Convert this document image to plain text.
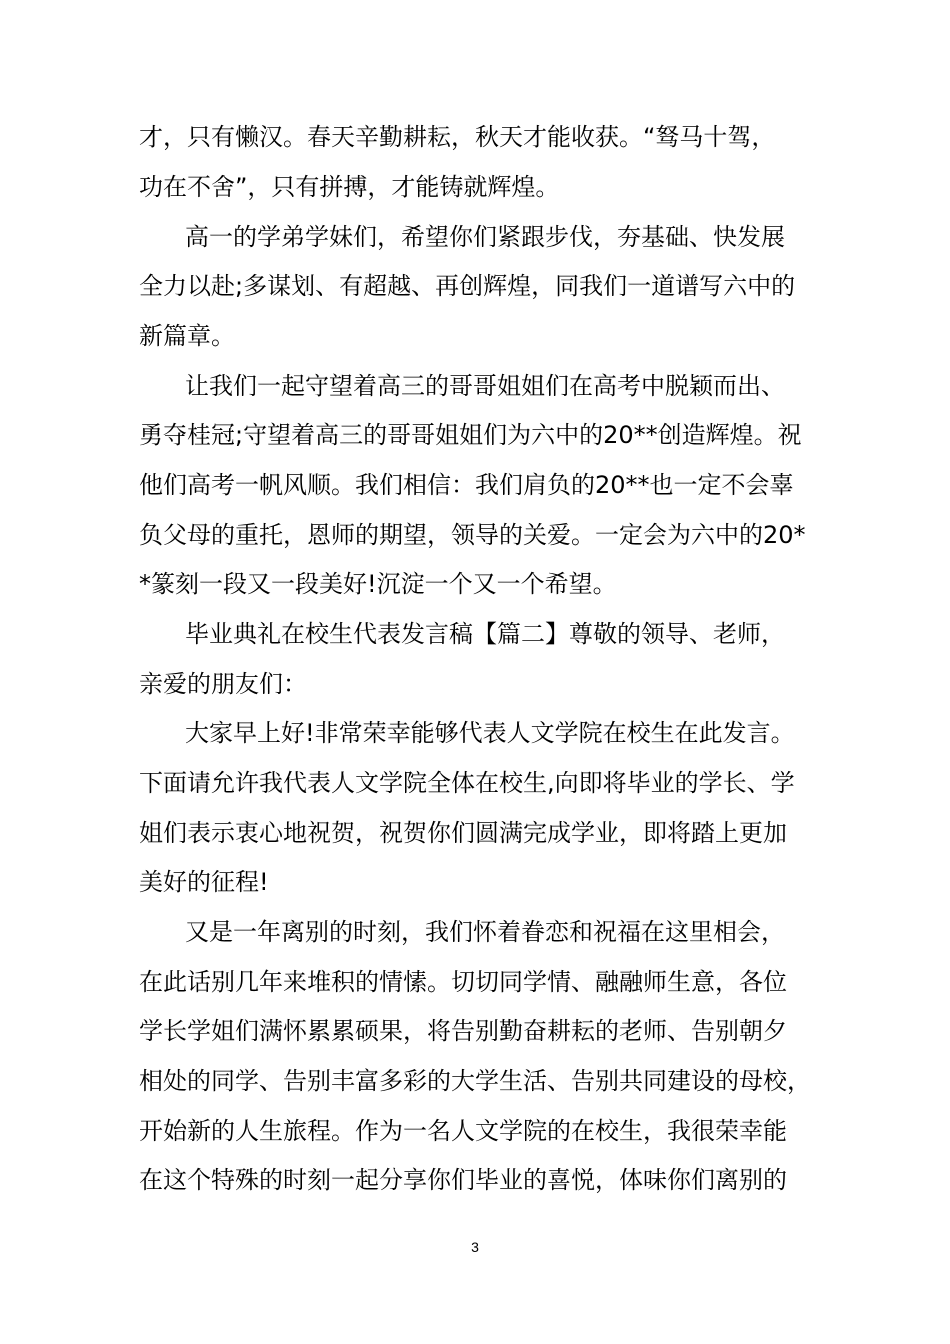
才，只有懒汉。春天辛勤耕耘，秋天才能收获。“驽马十驾，
功在不舍”，只有拼搏，才能铸就辉煌。
高一的学弟学妹们，希望你们紧跟步伐，夯基础、快发展
全力以赴;多谋划、有超越、再创辉煌，同我们一道谱写六中的
新篇章。
让我们一起守望着高三的哥哥姐姐们在高考中脱颖而出、
勇夺桂冠;守望着高三的哥哥姐姐们为六中的20**创造辉煌。祝
他们高考一帆风顺。我们相信：我们肩负的20**也一定不会辜
负父母的重托，恩师的期望，领导的关爱。一定会为六中的20*
*篆刻一段又一段美好!沉淀一个又一个希望。
毕业典礼在校生代表发言稿【篇二】尊敬的领导、老师，
亲爱的朋友们：
大家早上好!非常荣幸能够代表人文学院在校生在此发言。
下面请允许我代表人文学院全体在校生,向即将毕业的学长、学
姐们表示衷心地祝贺，祝贺你们圆满完成学业，即将踏上更加
美好的征程!
又是一年离别的时刻，我们怀着眷恋和祝福在这里相会，
在此话别几年来堆积的情愫。切切同学情、融融师生意，各位
学长学姐们满怀累累硕果，将告别勤奋耕耘的老师、告别朝夕
相处的同学、告别丰富多彩的大学生活、告别共同建设的母校，
开始新的人生旅程。作为一名人文学院的在校生，我很荣幸能
在这个特殊的时刻一起分享你们毕业的喜悦，体味你们离别的
3
